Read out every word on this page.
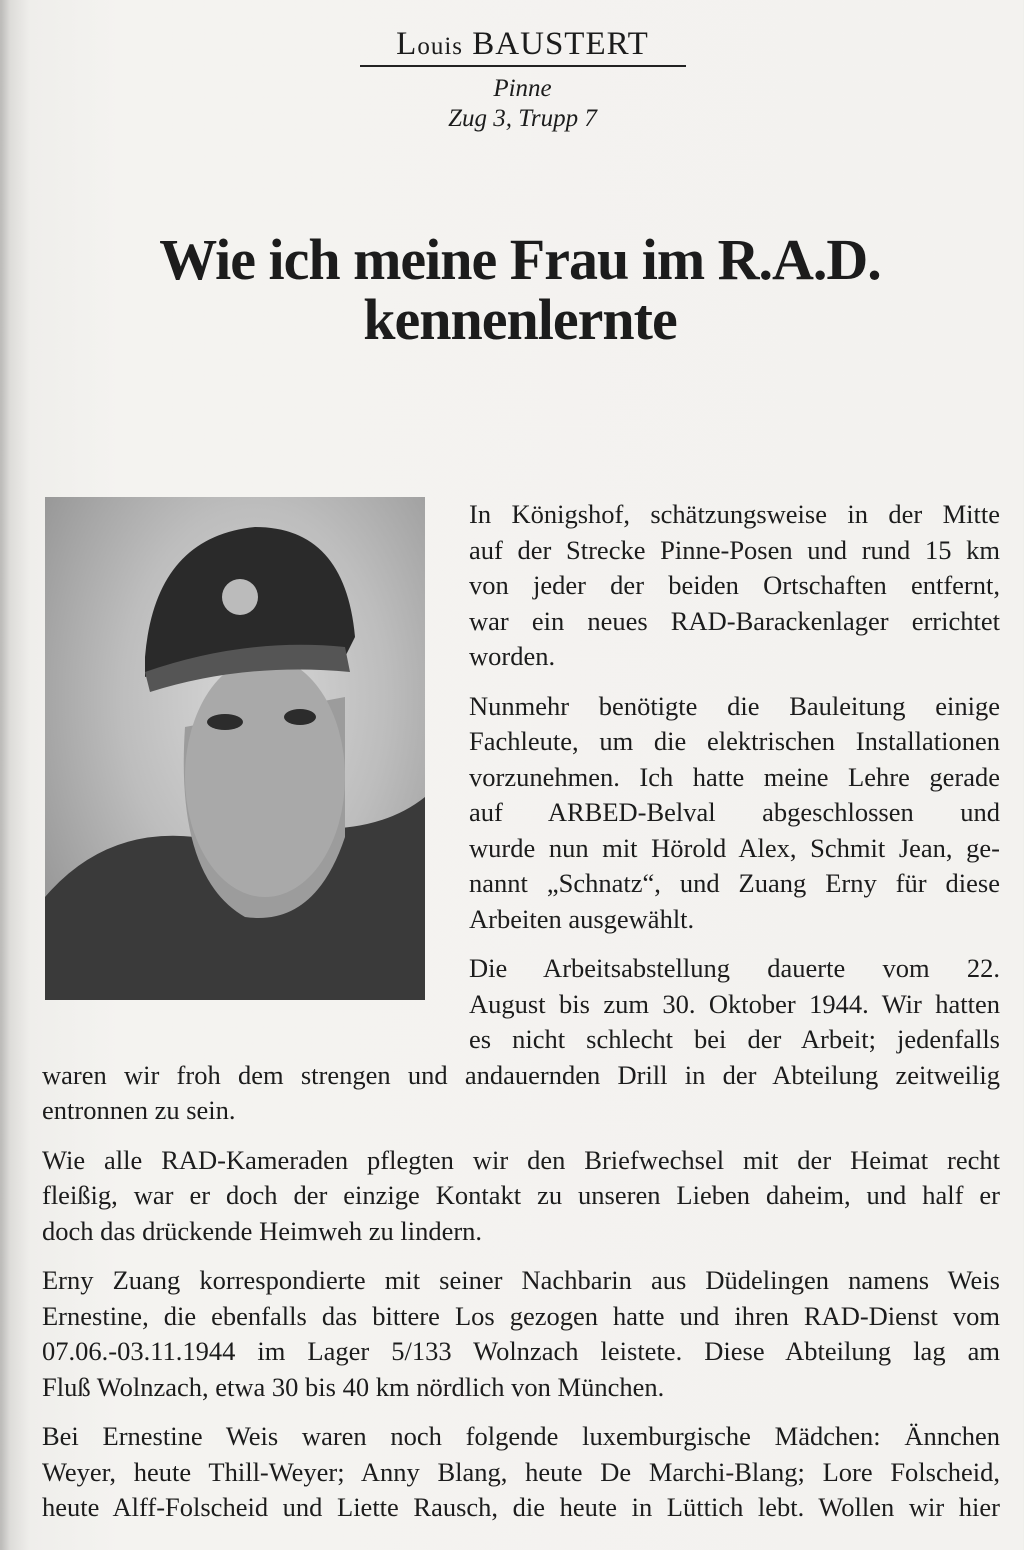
Louis BAUSTERT
Pinne
Zug 3, Trupp 7
Wie ich meine Frau im R.A.D.
kennenlernte

In Königshof, schätzungsweise in der Mitte
auf der Strecke Pinne-Posen und rund 15 km
von jeder der beiden Ortschaften entfernt,
war ein neues RAD-Barackenlager errichtet
worden.

Nunmehr benötigte die Bauleitung einige
Fachleute, um die elektrischen Installationen
vorzunehmen. Ich hatte meine Lehre gerade
auf ARBED-Belval abgeschlossen und
wurde nun mit Hörold Alex, Schmit Jean, ge-
nannt „Schnatz“, und Zuang Erny für diese
Arbeiten ausgewählt.

Die Arbeitsabstellung dauerte vom 22.
August bis zum 30. Oktober 1944. Wir hatten
es nicht schlecht bei der Arbeit; jedenfalls
waren wir froh dem strengen und andauernden Drill in der Abteilung zeitweilig
entronnen zu sein.

Wie alle RAD-Kameraden pflegten wir den Briefwechsel mit der Heimat recht
fleißig, war er doch der einzige Kontakt zu unseren Lieben daheim, und half er
doch das drückende Heimweh zu lindern.

Erny Zuang korrespondierte mit seiner Nachbarin aus Düdelingen namens Weis
Ernestine, die ebenfalls das bittere Los gezogen hatte und ihren RAD-Dienst vom
07.06.-03.11.1944 im Lager 5/133 Wolnzach leistete. Diese Abteilung lag am
Fluß Wolnzach, etwa 30 bis 40 km nördlich von München.

Bei Ernestine Weis waren noch folgende luxemburgische Mädchen: Ännchen
Weyer, heute Thill-Weyer; Anny Blang, heute De Marchi-Blang; Lore Folscheid,
heute Alff-Folscheid und Liette Rausch, die heute in Lüttich lebt. Wollen wir hier
